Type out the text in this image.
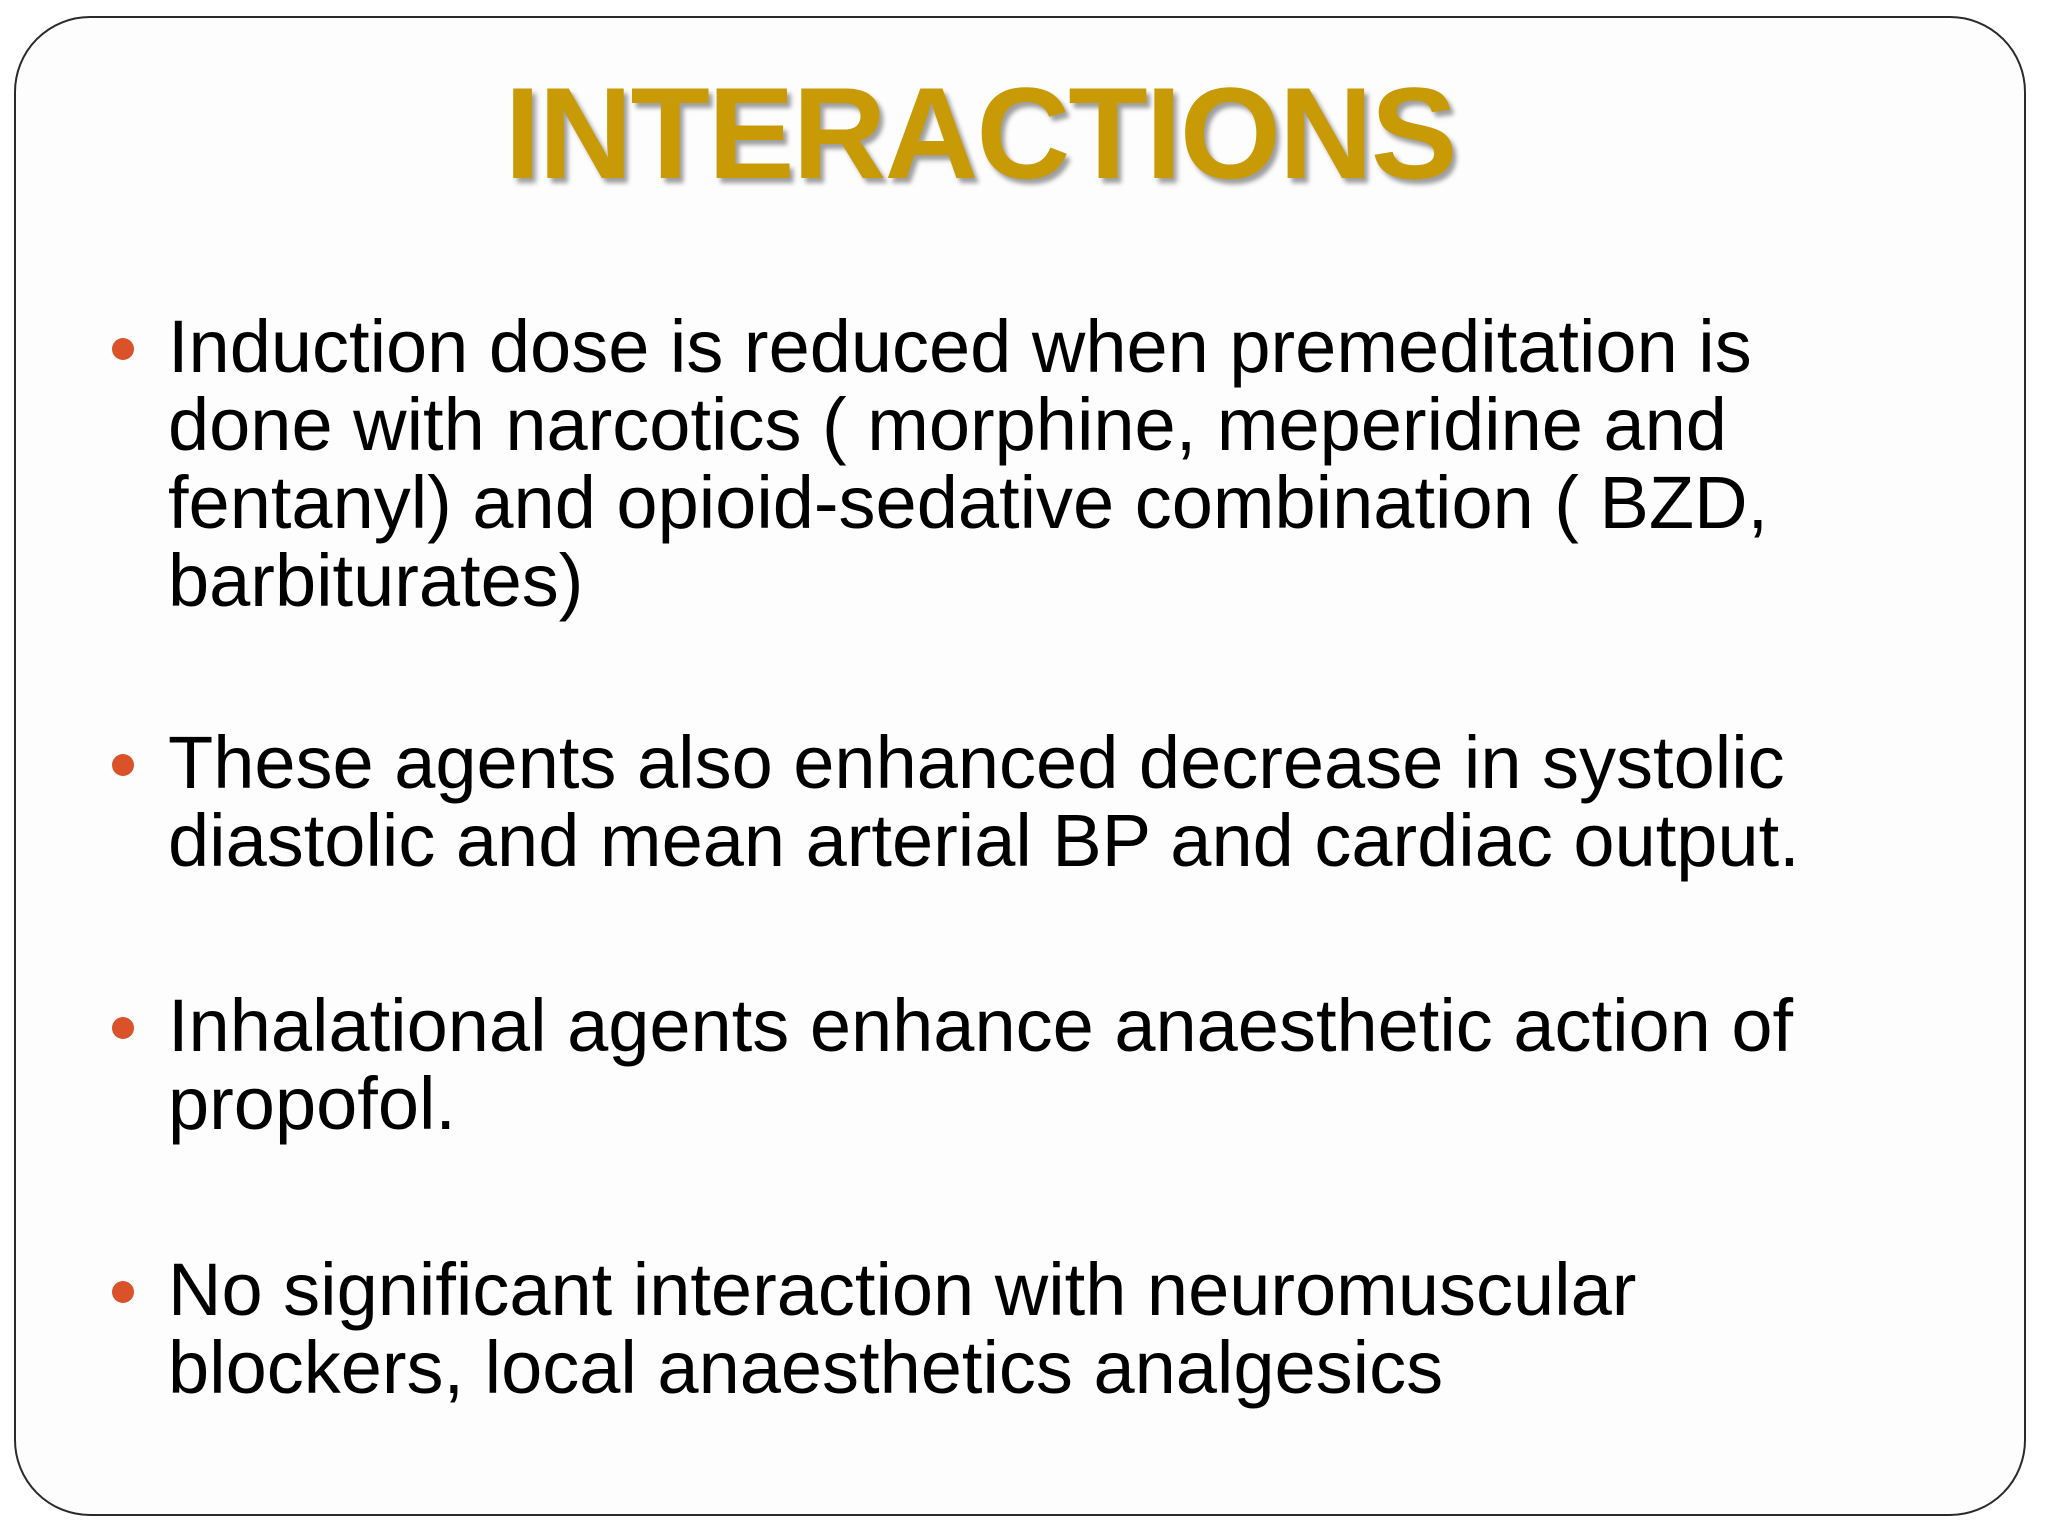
INTERACTIONS
Induction dose is reduced when premeditation is
done with narcotics ( morphine, meperidine and
fentanyl) and opioid-sedative combination ( BZD,
barbiturates)
These agents also enhanced decrease in systolic
diastolic and mean arterial BP and cardiac output.
Inhalational agents enhance anaesthetic action of
propofol.
No significant interaction with neuromuscular
blockers, local anaesthetics analgesics
